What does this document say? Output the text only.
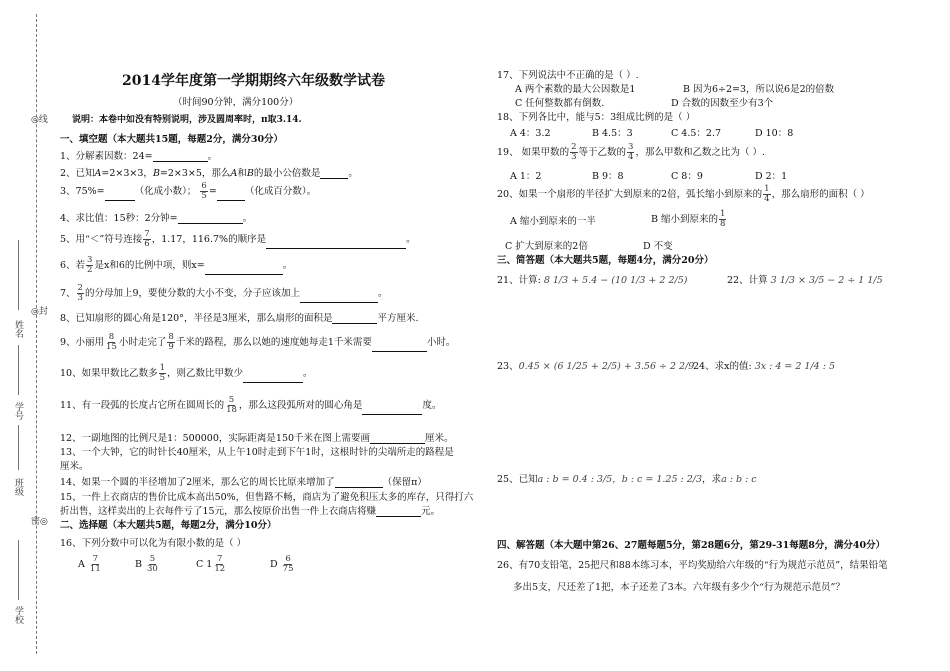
◎线
◎封
密◎
姓名
学号
班级
学校
2014学年度第一学期期终六年级数学试卷
（时间90分钟，满分100分）
说明：本卷中如没有特别说明，涉及圆周率时，π取3.14.
一、填空题（本大题共15题，每题2分，满分30分）
1、分解素因数：24=	。
2、已知A=2×3×3，B=2×3×5，那么A和B的最小公倍数是	。
3、75%=	（化成小数）； $\frac{6}{5}$ =	（化成百分数）。
4、求比值：15秒：2分钟=	。
5、用“＜”符号连接 $\frac{7}{6}$ ，1.17，116.7%的顺序是	。
6、若 $\frac{3}{2}$ 是x和6的比例中项，则x=	。
7、 $\frac{2}{3}$ 的分母加上9，要使分数的大小不变，分子应该加上	。
8、已知扇形的圆心角是120°，半径是3厘米，那么扇形的面积是	平方厘米.
9、小丽用 $\frac{8}{15}$ 小时走完了 $\frac{8}{9}$ 千米的路程，那么以她的速度她每走1千米需要	小时。
10、如果甲数比乙数多 $\frac{1}{5}$ ，则乙数比甲数少	。
11、有一段弧的长度占它所在圆周长的 $\frac{5}{18}$ ，那么这段弧所对的圆心角是	度。
12、一副地图的比例尺是1：500000，实际距离是150千米在图上需要画	厘米。
13、一个大钟，它的时针长40厘米，从上午10时走到下午1时，这根时针的尖端所走的路程是
厘米。
14、如果一个圆的半径增加了2厘米，那么它的周长比原来增加了	（保留π）
15、一件上衣商店的售价比成本高出50%，但售路不畅，商店为了避免积压太多的库存，只得打六
折出售，这样卖出的上衣每件亏了15元，那么按原价出售一件上衣商店将赚	元。
二、选择题（本大题共5题，每题2分，满分10分）
16、下列分数中可以化为有限小数的是（ ）
A $\frac{7}{11}$	B $\frac{5}{30}$	C $1 \frac{7}{12}$	D $\frac{6}{75}$
17、下列说法中不正确的是（ ）.
A 两个素数的最大公因数是1	B 因为6÷2=3，所以说6是2的倍数
C 任何整数都有倒数.	D 合数的因数至少有3个
18、下列各比中，能与5：3组成比例的是（ ）
A 4：3.2	B 4.5：3	C 4.5：2.7	D 10：8
19、 如果甲数的 $\frac{2}{3}$ 等于乙数的 $\frac{3}{4}$ ，那么甲数和乙数之比为（ ）.
A 1：2	B 9：8	C 8：9	D 2：1
20、如果一个扇形的半径扩大到原来的2倍，弧长缩小到原来的 $\frac{1}{4}$ ，那么扇形的面积（ ）
A 缩小到原来的一半	B 缩小到原来的 $\frac{1}{8}$
C 扩大到原来的2倍	D 不变
三、简答题（本大题共5题，每题4分，满分20分）
21、计算: 8 1/3 + 5.4 − (10 1/3 + 2 2/5)	22、计算 3 1/3 × 3/5 − 2 ÷ 1 1/5
23、0.45 × (6 1/25 + 2/5) + 3.56 ÷ 2 2/9
24、求x的值: 3x : 4 = 2 1/4 : 5
25、已知a : b = 0.4 : 3/5，b : c = 1.25 : 2/3，求a : b : c
四、解答题（本大题中第26、27题每题5分，第28题6分，第29-31每题8分，满分40分）
26、有70支铅笔，25把尺和88本练习本，平均奖励给六年级的“行为规范示范员”，结果铅笔
多出5支，尺还差了1把，本子还差了3本。六年级有多少个“行为规范示范员”？
